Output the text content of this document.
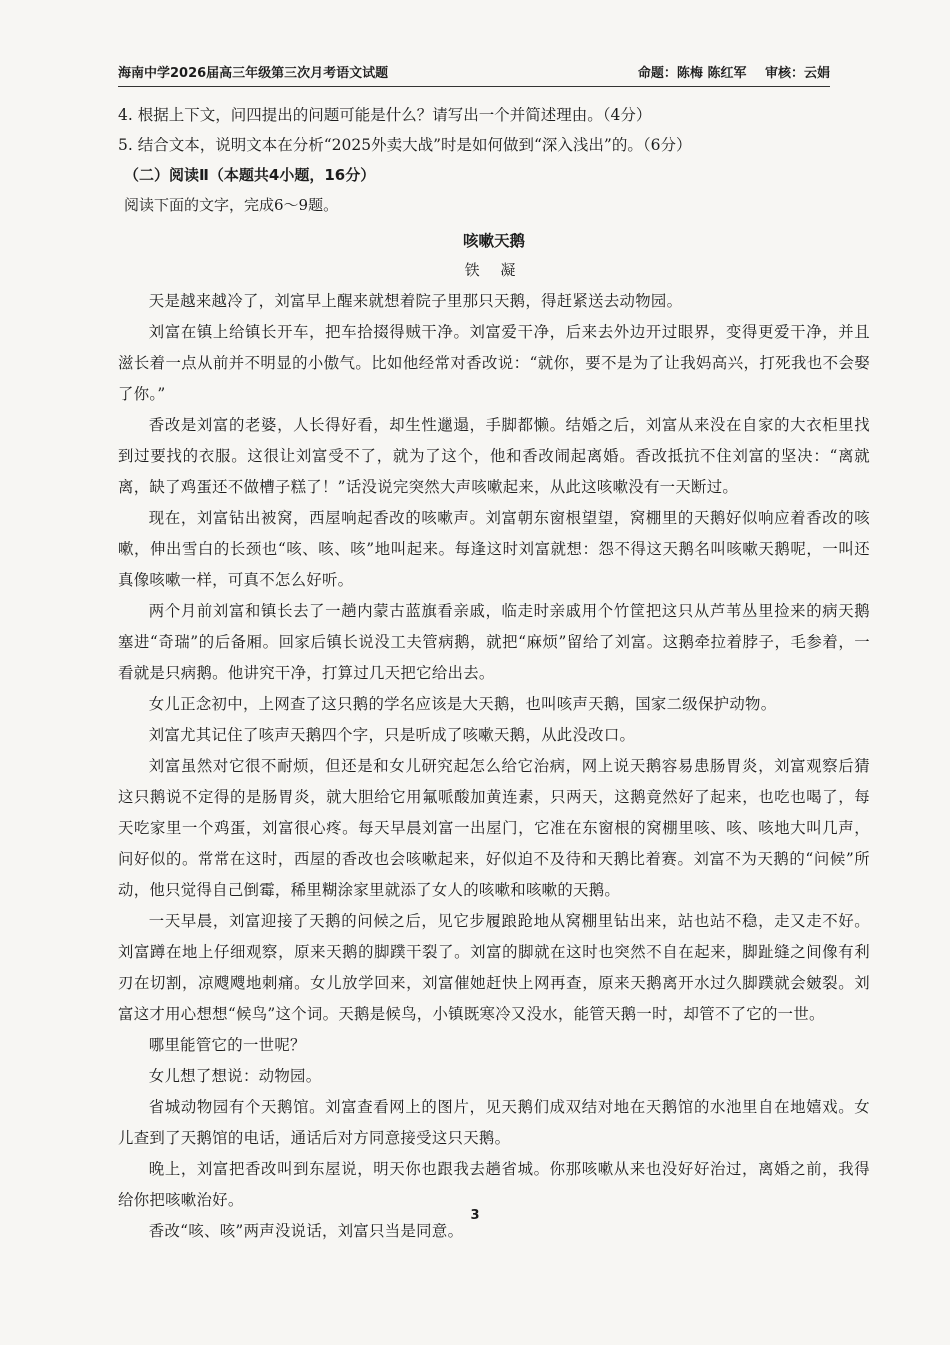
海南中学2026届高三年级第三次月考语文试题	命题：陈梅 陈红军 审核：云娟

4. 根据上下文，问四提出的问题可能是什么？请写出一个并简述理由。（4分）

5. 结合文本，说明文本在分析“2025外卖大战”时是如何做到“深入浅出”的。（6分）

（二）阅读Ⅱ（本题共4小题，16分）

阅读下面的文字，完成6～9题。

咳嗽天鹅

铁 凝

天是越来越冷了，刘富早上醒来就想着院子里那只天鹅，得赶紧送去动物园。

刘富在镇上给镇长开车，把车拾掇得贼干净。刘富爱干净，后来去外边开过眼界，变得更爱干净，并且滋长着一点从前并不明显的小傲气。比如他经常对香改说：“就你，要不是为了让我妈高兴，打死我也不会娶了你。”

香改是刘富的老婆，人长得好看，却生性邋遢，手脚都懒。结婚之后，刘富从来没在自家的大衣柜里找到过要找的衣服。这很让刘富受不了，就为了这个，他和香改闹起离婚。香改抵抗不住刘富的坚决：“离就离，缺了鸡蛋还不做槽子糕了！”话没说完突然大声咳嗽起来，从此这咳嗽没有一天断过。

现在，刘富钻出被窝，西屋响起香改的咳嗽声。刘富朝东窗根望望，窝棚里的天鹅好似响应着香改的咳嗽，伸出雪白的长颈也“咳、咳、咳”地叫起来。每逢这时刘富就想：怨不得这天鹅名叫咳嗽天鹅呢，一叫还真像咳嗽一样，可真不怎么好听。

两个月前刘富和镇长去了一趟内蒙古蓝旗看亲戚，临走时亲戚用个竹筐把这只从芦苇丛里捡来的病天鹅塞进“奇瑞”的后备厢。回家后镇长说没工夫管病鹅，就把“麻烦”留给了刘富。这鹅牵拉着脖子，毛参着，一看就是只病鹅。他讲究干净，打算过几天把它给出去。

女儿正念初中，上网查了这只鹅的学名应该是大天鹅，也叫咳声天鹅，国家二级保护动物。

刘富尤其记住了咳声天鹅四个字，只是听成了咳嗽天鹅，从此没改口。

刘富虽然对它很不耐烦，但还是和女儿研究起怎么给它治病，网上说天鹅容易患肠胃炎，刘富观察后猜这只鹅说不定得的是肠胃炎，就大胆给它用氟哌酸加黄连素，只两天，这鹅竟然好了起来，也吃也喝了，每天吃家里一个鸡蛋，刘富很心疼。每天早晨刘富一出屋门，它准在东窗根的窝棚里咳、咳、咳地大叫几声，问好似的。常常在这时，西屋的香改也会咳嗽起来，好似迫不及待和天鹅比着赛。刘富不为天鹅的“问候”所动，他只觉得自己倒霉，稀里糊涂家里就添了女人的咳嗽和咳嗽的天鹅。

一天早晨，刘富迎接了天鹅的问候之后，见它步履踉跄地从窝棚里钻出来，站也站不稳，走又走不好。刘富蹲在地上仔细观察，原来天鹅的脚蹼干裂了。刘富的脚就在这时也突然不自在起来，脚趾缝之间像有利刃在切割，凉飕飕地刺痛。女儿放学回来，刘富催她赶快上网再查，原来天鹅离开水过久脚蹼就会皴裂。刘富这才用心想想“候鸟”这个词。天鹅是候鸟，小镇既寒冷又没水，能管天鹅一时，却管不了它的一世。

哪里能管它的一世呢？

女儿想了想说：动物园。

省城动物园有个天鹅馆。刘富查看网上的图片，见天鹅们成双结对地在天鹅馆的水池里自在地嬉戏。女儿查到了天鹅馆的电话，通话后对方同意接受这只天鹅。

晚上，刘富把香改叫到东屋说，明天你也跟我去趟省城。你那咳嗽从来也没好好治过，离婚之前，我得给你把咳嗽治好。

香改“咳、咳”两声没说话，刘富只当是同意。

3
